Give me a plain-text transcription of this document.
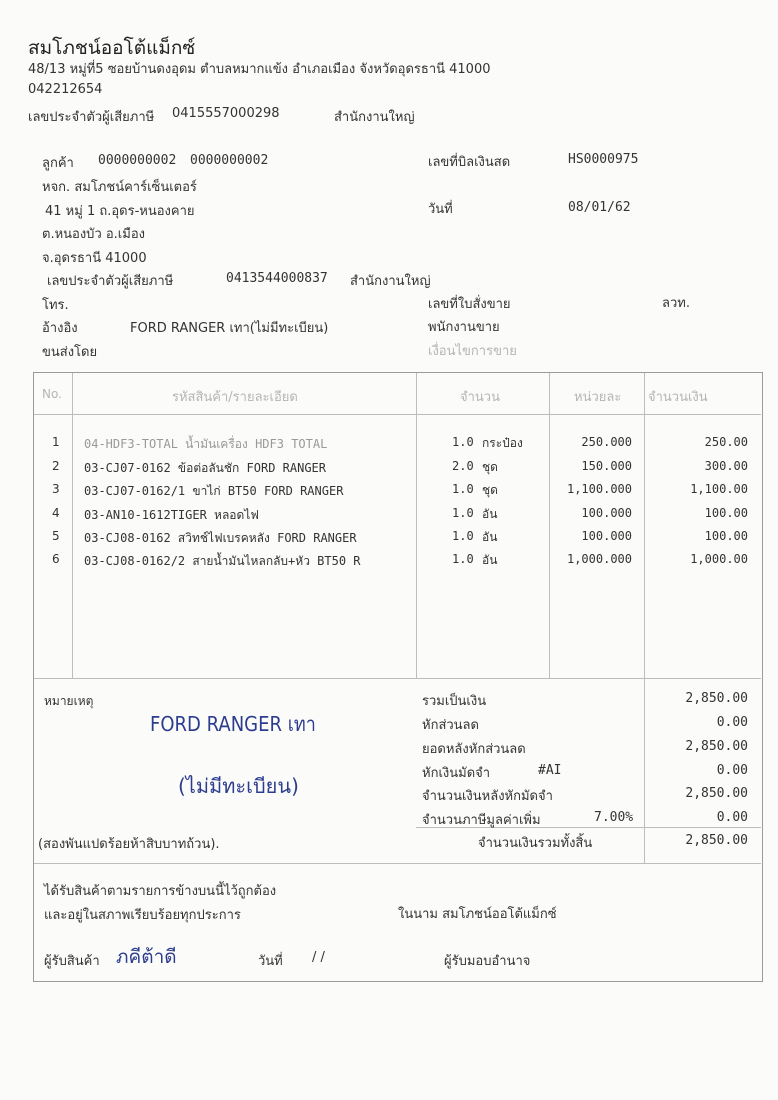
สมโภชน์ออโต้แม็กซ์
48/13 หมู่ที่5 ซอยบ้านดงอุดม ตำบลหมากแข้ง อำเภอเมือง จังหวัดอุดรธานี 41000
042212654
เลขประจำตัวผู้เสียภาษี 0415557000298	สำนักงานใหญ่
ลูกค้า 0000000002 0000000002
หจก. สมโภชน์คาร์เซ็นเตอร์
41 หมู่ 1 ถ.อุดร-หนองคาย
ต.หนองบัว อ.เมือง
จ.อุดรธานี 41000
เลขประจำตัวผู้เสียภาษี	0413544000837 สำนักงานใหญ่
โทร.
อ้างอิง	FORD RANGER เทา(ไม่มีทะเบียน)
ขนส่งโดย
เลขที่บิลเงินสด	HS0000975
วันที่	08/01/62
เลขที่ใบสั่งขาย	ลวท.
พนักงานขาย
เงื่อนไขการขาย
No.	รหัสสินค้า/รายละเอียด	จำนวน	หน่วยละ จำนวนเงิน
1 04-HDF3-TOTAL น้ำมันเครื่อง HDF3 TOTAL	1.0 กระป๋อง	250.000	250.00
2 03-CJ07-0162 ข้อต่อลันชัก FORD RANGER	2.0 ชุด	150.000	300.00
3 03-CJ07-0162/1 ขาไก่ BT50 FORD RANGER	1.0 ชุด	1,100.000	1,100.00
4 03-AN10-1612TIGER หลอดไฟ	1.0 อัน	100.000	100.00
5 03-CJ08-0162 สวิทช์ไฟเบรคหลัง FORD RANGER	1.0 อัน	100.000	100.00
6 03-CJ08-0162/2 สายน้ำมันไหลกลับ+หัว BT50 R	1.0 อัน	1,000.000	1,000.00
หมายเหตุ
FORD RANGER เทา
(ไม่มีทะเบียน)
(สองพันแปดร้อยห้าสิบบาทถ้วน).
รวมเป็นเงิน	2,850.00
หักส่วนลด	0.00
ยอดหลังหักส่วนลด	2,850.00
หักเงินมัดจำ	#AI	0.00
จำนวนเงินหลังหักมัดจำ	2,850.00
จำนวนภาษีมูลค่าเพิ่ม	7.00%	0.00
จำนวนเงินรวมทั้งสิ้น	2,850.00
ได้รับสินค้าตามรายการข้างบนนี้ไว้ถูกต้อง
และอยู่ในสภาพเรียบร้อยทุกประการ	ในนาม สมโภชน์ออโต้แม็กซ์
ผู้รับสินค้า ภคีต้าดี	วันที่ / /	ผู้รับมอบอำนาจ
